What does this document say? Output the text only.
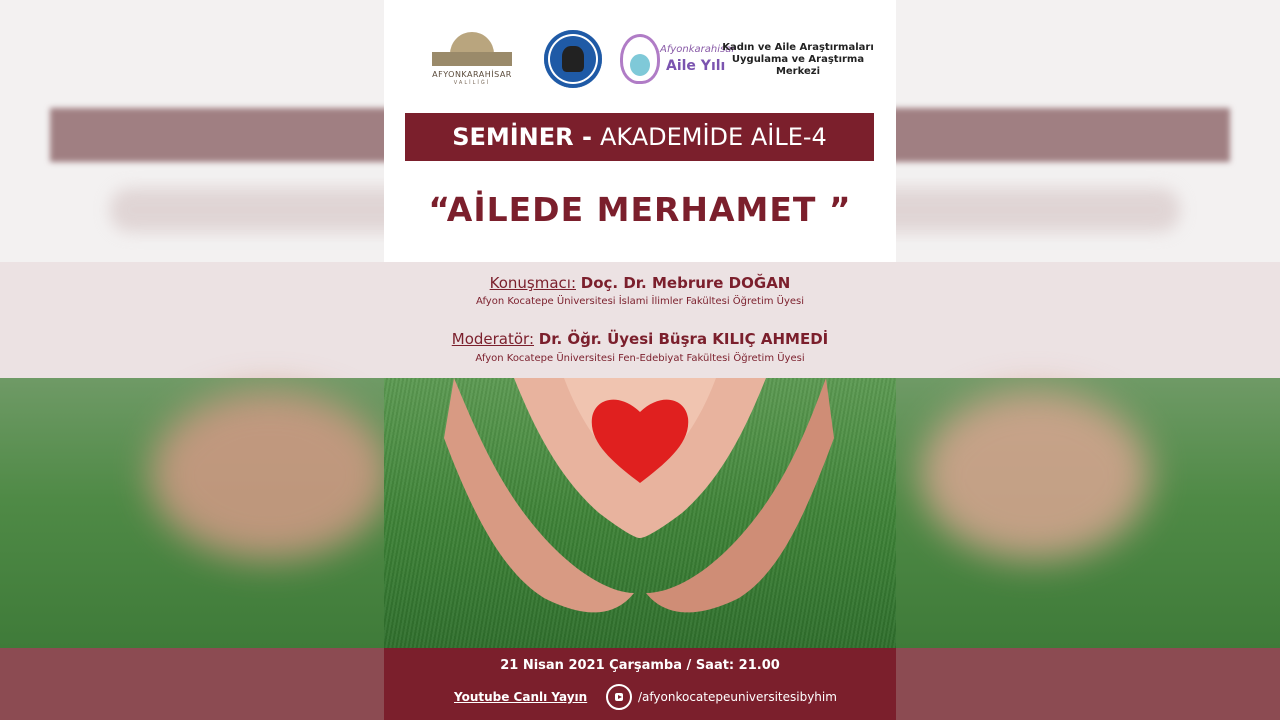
AFYONKARAHİSAR
VALİLİĞİ
Afyonkarahisar
Aile Yılı
Kadın ve Aile Araştırmaları Uygulama ve Araştırma Merkezi
SEMİNER - AKADEMİDE AİLE-4
“AİLEDE MERHAMET ”
Konuşmacı: Doç. Dr. Mebrure DOĞAN
Afyon Kocatepe Üniversitesi İslami İlimler Fakültesi Öğretim Üyesi
Moderatör: Dr. Öğr. Üyesi Büşra KILIÇ AHMEDİ
Afyon Kocatepe Üniversitesi Fen-Edebiyat Fakültesi Öğretim Üyesi
21 Nisan 2021 Çarşamba / Saat: 21.00
Youtube Canlı Yayın	/afyonkocatepeuniversitesibyhim
